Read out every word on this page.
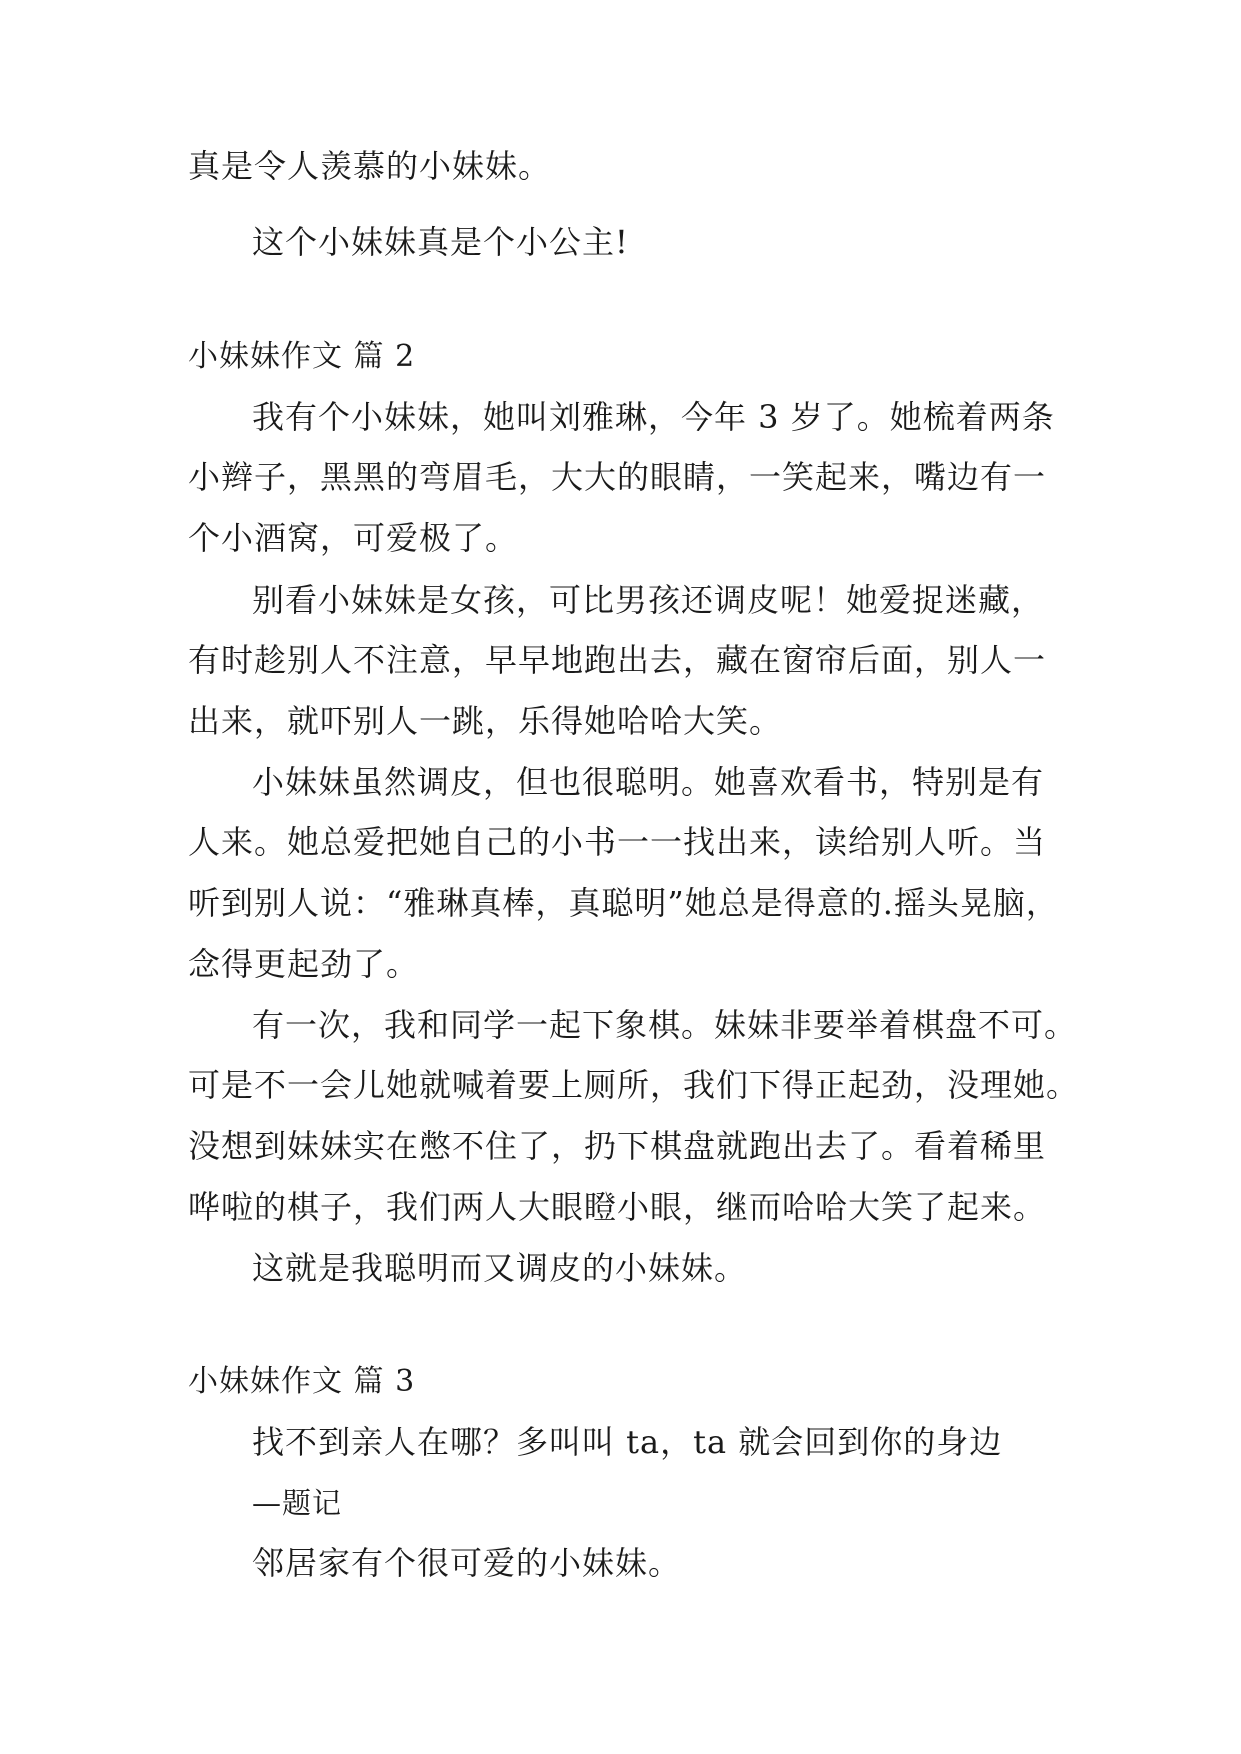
真是令人羡慕的小妹妹。
这个小妹妹真是个小公主!
小妹妹作文 篇 2
我有个小妹妹，她叫刘雅琳，今年 3 岁了。她梳着两条
小辫子，黑黑的弯眉毛，大大的眼睛，一笑起来，嘴边有一
个小酒窝，可爱极了。
别看小妹妹是女孩，可比男孩还调皮呢！她爱捉迷藏，
有时趁别人不注意，早早地跑出去，藏在窗帘后面，别人一
出来，就吓别人一跳，乐得她哈哈大笑。
小妹妹虽然调皮，但也很聪明。她喜欢看书，特别是有
人来。她总爱把她自己的小书一一找出来，读给别人听。当
听到别人说：“雅琳真棒，真聪明”她总是得意的.摇头晃脑，
念得更起劲了。
有一次，我和同学一起下象棋。妹妹非要举着棋盘不可。
可是不一会儿她就喊着要上厕所，我们下得正起劲，没理她。
没想到妹妹实在憋不住了，扔下棋盘就跑出去了。看着稀里
哗啦的棋子，我们两人大眼瞪小眼，继而哈哈大笑了起来。
这就是我聪明而又调皮的小妹妹。
小妹妹作文 篇 3
找不到亲人在哪？多叫叫 ta，ta 就会回到你的身边
—题记
邻居家有个很可爱的小妹妹。
